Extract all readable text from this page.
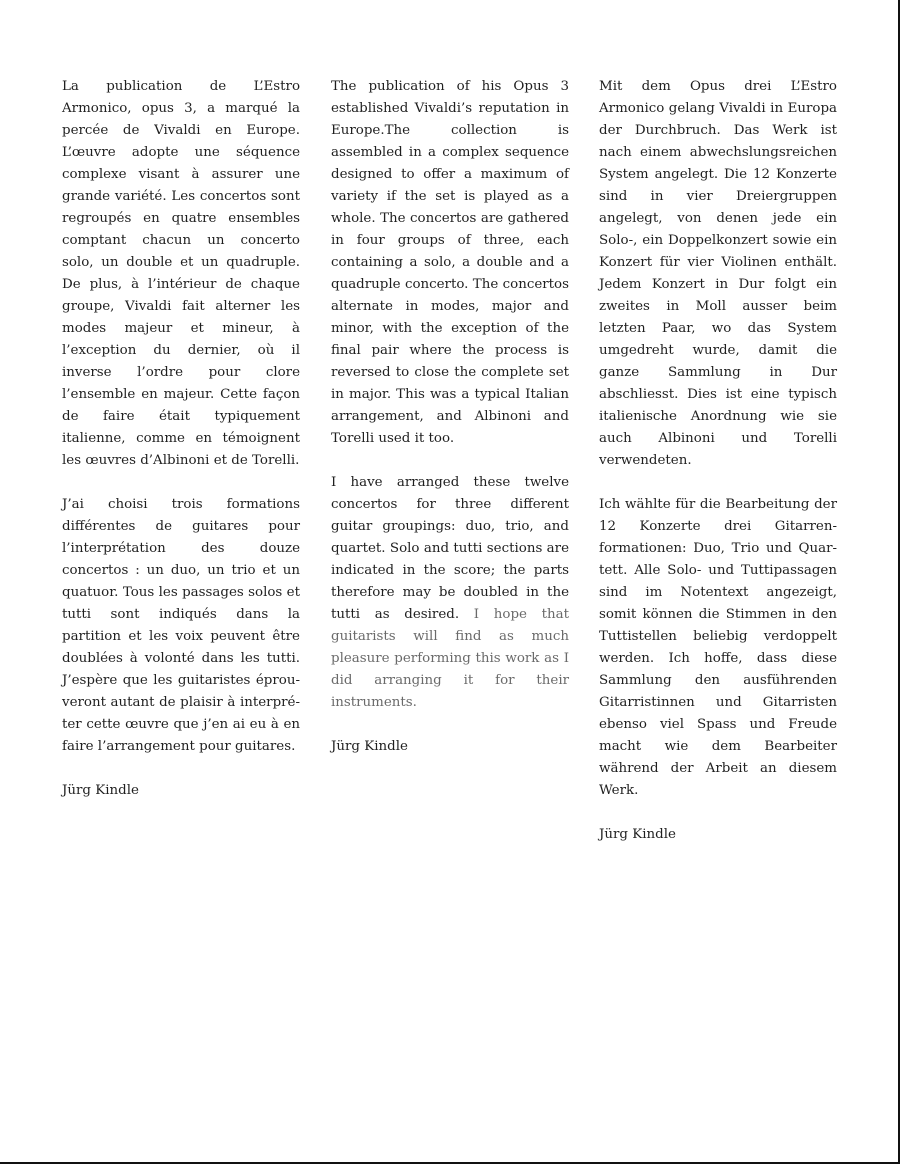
La publication de L’Estro Armonico, opus 3, a marqué la percée de Vivaldi en Europe. L’œuvre adopte une séquence complexe visant à assurer une grande variété. Les concertos sont regroupés en quatre ensembles comptant chacun un concerto solo, un double et un quadruple. De plus, à l’intérieur de chaque groupe, Vivaldi fait alterner les modes majeur et mineur, à l’exception du dernier, où il inverse l’ordre pour clore l’ensemble en majeur. Cette façon de faire était typiquement italienne, comme en témoignent les œuvres d’Albinoni et de Torelli.

J’ai choisi trois formations différentes de guitares pour l’interprétation des douze concertos : un duo, un trio et un quatuor. Tous les passages solos et tutti sont indiqués dans la partition et les voix peuvent être doublées à volonté dans les tutti. J’espère que les guitaristes éprouveront autant de plaisir à interpréter cette œuvre que j’en ai eu à en faire l’arrangement pour guitares.

Jürg Kindle

The publication of his Opus 3 established Vivaldi’s reputation in Europe.The collection is assembled in a complex sequence designed to offer a maximum of variety if the set is played as a whole. The concertos are gathered in four groups of three, each containing a solo, a double and a quadruple concerto. The concertos alternate in modes, major and minor, with the exception of the final pair where the process is reversed to close the complete set in major. This was a typical Italian arrangement, and Albinoni and Torelli used it too.

I have arranged these twelve concertos for three different guitar groupings: duo, trio, and quartet. Solo and tutti sections are indicated in the score; the parts therefore may be doubled in the tutti as desired. I hope that guitarists will find as much pleasure performing this work as I did arranging it for their instruments.

Jürg Kindle

Mit dem Opus drei L’Estro Armonico gelang Vivaldi in Europa der Durchbruch. Das Werk ist nach einem abwechslungsreichen System angelegt. Die 12 Konzerte sind in vier Dreiergruppen angelegt, von denen jede ein Solo-, ein Doppelkonzert sowie ein Konzert für vier Violinen enthält. Jedem Konzert in Dur folgt ein zweites in Moll ausser beim letzten Paar, wo das System umgedreht wurde, damit die ganze Sammlung in Dur abschliesst. Dies ist eine typisch italienische Anordnung wie sie auch Albinoni und Torelli verwendeten.

Ich wählte für die Bearbeitung der 12 Konzerte drei Gitarrenformationen: Duo, Trio und Quartett. Alle Solo- und Tuttipassagen sind im Notentext angezeigt, somit können die Stimmen in den Tuttistellen beliebig verdoppelt werden. Ich hoffe, dass diese Sammlung den ausführenden Gitarristinnen und Gitarristen ebenso viel Spass und Freude macht wie dem Bearbeiter während der Arbeit an diesem Werk.

Jürg Kindle
